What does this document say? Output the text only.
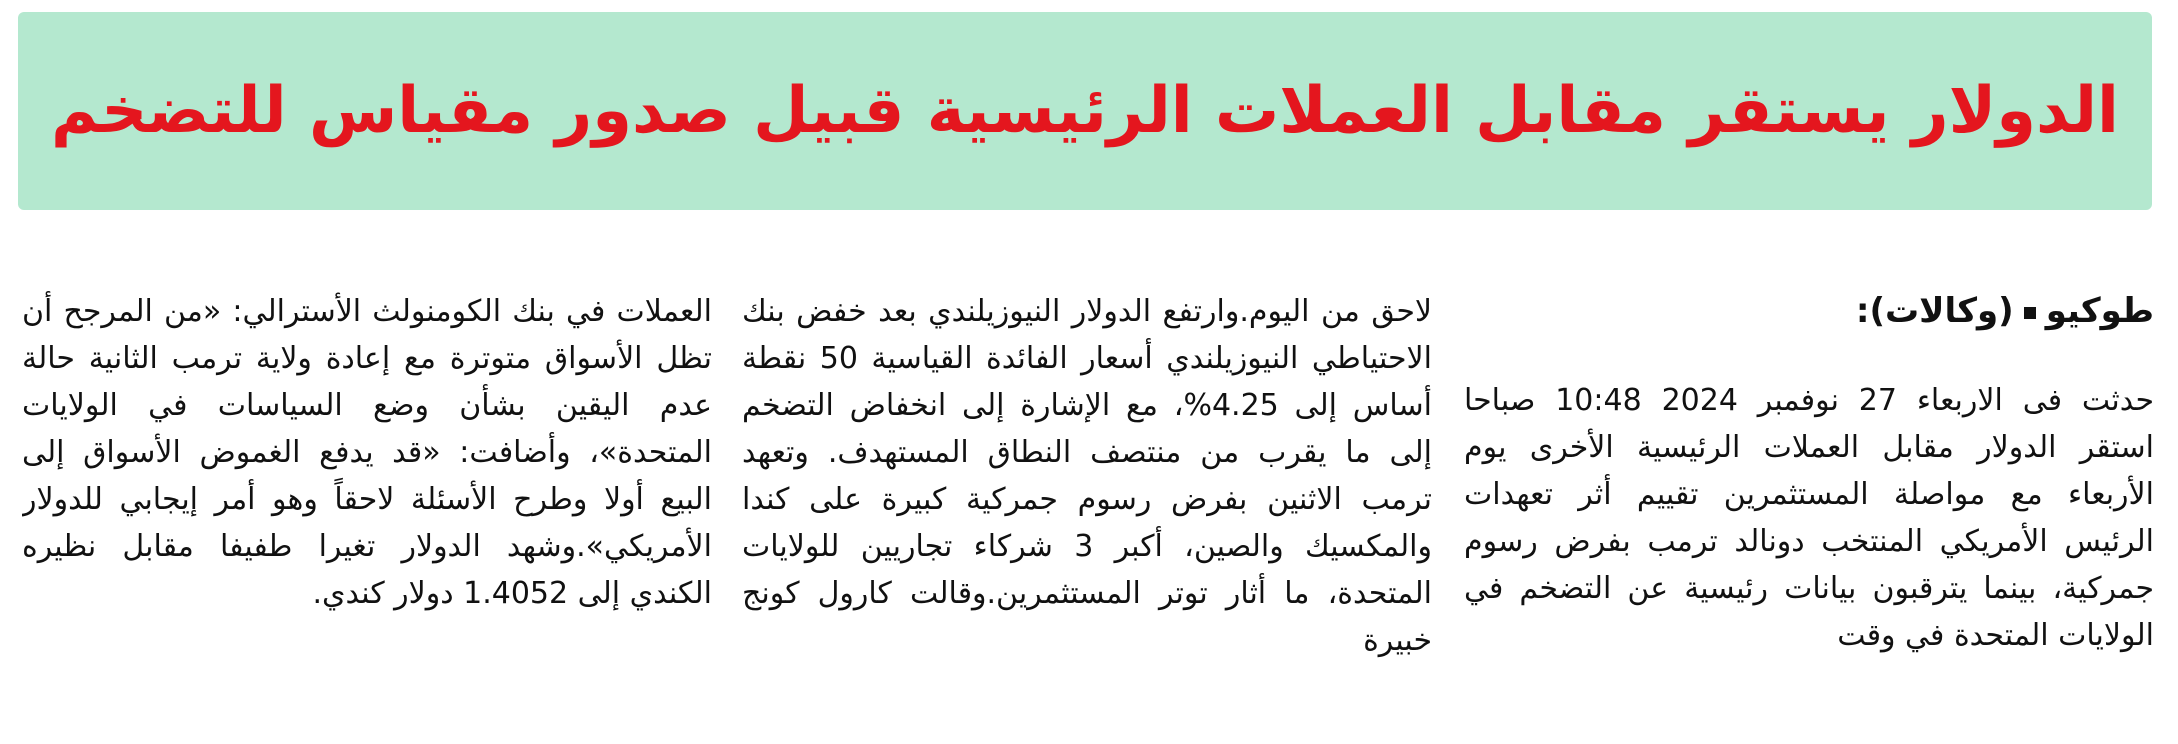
الدولار يستقر مقابل العملات الرئيسية قبيل صدور مقياس للتضخم

طوكيو(وكالات):

حدثت فى الاربعاء 27 نوفمبر 2024 10:48 صباحا استقر الدولار مقابل العملات الرئيسية الأخرى يوم الأربعاء مع مواصلة المستثمرين تقييم أثر تعهدات الرئيس الأمريكي المنتخب دونالد ترمب بفرض رسوم جمركية، بينما يترقبون بيانات رئيسية عن التضخم في الولايات المتحدة في وقت

لاحق من اليوم.وارتفع الدولار النيوزيلندي بعد خفض بنك الاحتياطي النيوزيلندي أسعار الفائدة القياسية 50 نقطة أساس إلى 4.25%، مع الإشارة إلى انخفاض التضخم إلى ما يقرب من منتصف النطاق المستهدف. وتعهد ترمب الاثنين بفرض رسوم جمركية كبيرة على كندا والمكسيك والصين، أكبر 3 شركاء تجاريين للولايات المتحدة، ما أثار توتر المستثمرين.وقالت كارول كونج خبيرة

العملات في بنك الكومنولث الأسترالي: «من المرجح أن تظل الأسواق متوترة مع إعادة ولاية ترمب الثانية حالة عدم اليقين بشأن وضع السياسات في الولايات المتحدة»، وأضافت: «قد يدفع الغموض الأسواق إلى البيع أولا وطرح الأسئلة لاحقاً وهو أمر إيجابي للدولار الأمريكي».وشهد الدولار تغيرا طفيفا مقابل نظيره الكندي إلى 1.4052 دولار كندي.
